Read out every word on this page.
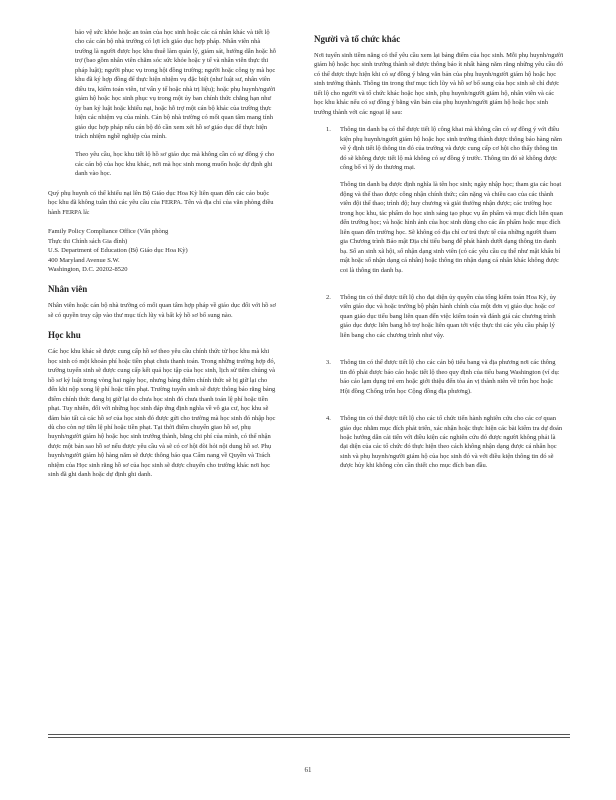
bảo vệ sức khỏe hoặc an toàn của học sinh hoặc các cá nhân khác và tiết lộ cho các cán bộ nhà trường có lợi ích giáo dục hợp pháp. Nhân viên nhà trường là người được học khu thuê làm quản lý, giám sát, hướng dẫn hoặc hỗ trợ (bao gồm nhân viên chăm sóc sức khỏe hoặc y tế và nhân viên thực thi pháp luật); người phục vụ trong hội đồng trường; người hoặc công ty mà học khu đã ký hợp đồng để thực hiện nhiệm vụ đặc biệt (như luật sư, nhân viên điều tra, kiểm toán viên, tư vấn y tế hoặc nhà trị liệu); hoặc phụ huynh/người giám hộ hoặc học sinh phục vụ trong một ủy ban chính thức chẳng hạn như ủy ban kỷ luật hoặc khiếu nại, hoặc hỗ trợ một cán bộ khác của trường thực hiện các nhiệm vụ của mình. Cán bộ nhà trường có mối quan tâm mang tính giáo dục hợp pháp nếu cán bộ đó cần xem xét hồ sơ giáo dục để thực hiện trách nhiệm nghề nghiệp của mình.

Theo yêu cầu, học khu tiết lộ hồ sơ giáo dục mà không cần có sự đồng ý cho các cán bộ của học khu khác, nơi mà học sinh mong muốn hoặc dự định ghi danh vào học.

Quý phụ huynh có thể khiếu nại lên Bộ Giáo dục Hoa Kỳ liên quan đến các cáo buộc học khu đã không tuân thủ các yêu cầu của FERPA. Tên và địa chỉ của văn phòng điều hành FERPA là:

Family Policy Compliance Office (Văn phòng

Thực thi Chính sách Gia đình)

U.S. Department of Education (Bộ Giáo dục Hoa Kỳ)

400 Maryland Avenue S.W.

Washington, D.C. 20202-8520

Nhân viên

Nhân viên hoặc cán bộ nhà trường có mối quan tâm hợp pháp về giáo dục đối với hồ sơ sẽ có quyền truy cập vào thư mục tích lũy và bất kỳ hồ sơ bổ sung nào.

Học khu

Các học khu khác sẽ được cung cấp hồ sơ theo yêu cầu chính thức từ học khu mà khi học sinh có một khoản phí hoặc tiền phạt chưa thanh toán. Trong những trường hợp đó, trường tuyển sinh sẽ được cung cấp kết quả học tập của học sinh, lịch sử tiêm chủng và hồ sơ kỷ luật trong vòng hai ngày học, nhưng bảng điểm chính thức sẽ bị giữ lại cho đến khi nộp xong lệ phí hoặc tiền phạt. Trường tuyển sinh sẽ được thông báo rằng bảng điểm chính thức đang bị giữ lại do chưa học sinh đó chưa thanh toán lệ phí hoặc tiền phạt. Tuy nhiên, đối với những học sinh đáp ứng định nghĩa về vô gia cư, học khu sẽ đảm bảo tất cả các hồ sơ của học sinh đó được gửi cho trường mà học sinh đó nhập học dù cho còn nợ tiền lệ phí hoặc tiền phạt. Tại thời điểm chuyển giao hồ sơ, phụ huynh/người giám hộ hoặc học sinh trưởng thành, bằng chi phí của mình, có thể nhận được một bản sao hồ sơ nếu được yêu cầu và sẽ có cơ hội đòi hỏi nội dung hồ sơ. Phụ huynh/người giám hộ hàng năm sẽ được thông báo qua Cẩm nang về Quyền và Trách nhiệm của Học sinh rằng hồ sơ của học sinh sẽ được chuyển cho trường khác nơi học sinh đã ghi danh hoặc dự định ghi danh.

Người và tổ chức khác

Nơi tuyển sinh tiềm năng có thể yêu cầu xem lại bảng điểm của học sinh. Mỗi phụ huynh/người giám hộ hoặc học sinh trưởng thành sẽ được thông báo ít nhất hàng năm rằng những yêu cầu đó có thể được thực hiện khi có sự đồng ý bằng văn bản của phụ huynh/người giám hộ hoặc học sinh trưởng thành. Thông tin trong thư mục tích lũy và hồ sơ bổ sung của học sinh sẽ chỉ được tiết lộ cho người và tổ chức khác hoặc học sinh, phụ huynh/người giám hộ, nhân viên và các học khu khác nếu có sự đồng ý bằng văn bản của phụ huynh/người giám hộ hoặc học sinh trưởng thành với các ngoại lệ sau:

1.	Thông tin danh bạ có thể được tiết lộ công khai mà không cần có sự đồng ý với điều kiện phụ huynh/người giám hộ hoặc học sinh trưởng thành được thông báo hàng năm về ý định tiết lộ thông tin đó của trường và được cung cấp cơ hội cho thấy thông tin đó sẽ không được tiết lộ mà không có sự đồng ý trước. Thông tin đó sẽ không được công bố vì lý do thương mại.

Thông tin danh bạ được định nghĩa là tên học sinh; ngày nhập học; tham gia các hoạt động và thể thao được công nhận chính thức; cân nặng và chiều cao của các thành viên đội thể thao; trình độ; huy chương và giải thưởng nhận được; các trường học trong học khu, tác phẩm do học sinh sáng tạo phục vụ ấn phẩm và mục đích liên quan đến trường học; và hoặc hình ảnh của học sinh dùng cho các ấn phẩm hoặc mục đích liên quan đến trường học. Sẽ không có địa chỉ cư trú thực tế của những người tham gia Chương trình Bảo mật Địa chỉ tiểu bang để phát hành dưới dạng thông tin danh bạ. Số an sinh xã hội, số nhận dạng sinh viên (có các yêu cầu cụ thể như mật khẩu bí mật hoặc số nhận dạng cá nhân) hoặc thông tin nhận dạng cá nhân khác không được coi là thông tin danh bạ.

2.	Thông tin có thể được tiết lộ cho đại diện ủy quyền của tổng kiểm toán Hoa Kỳ, ủy viên giáo dục và hoặc trường bộ phận hành chính của một đơn vị giáo dục hoặc cơ quan giáo dục tiểu bang liên quan đến việc kiểm toán và đánh giá các chương trình giáo dục được liên bang hỗ trợ hoặc liên quan tới việc thực thi các yêu cầu pháp lý liên bang cho các chương trình như vậy.

3.	Thông tin có thể được tiết lộ cho các cán bộ tiểu bang và địa phương nơi các thông tin đó phải được báo cáo hoặc tiết lộ theo quy định của tiểu bang Washington (ví dụ: báo cáo lạm dụng trẻ em hoặc giới thiệu đến tòa án vị thành niên về trốn học hoặc Hội đồng Chống trốn học Cộng đồng địa phương).

4.	Thông tin có thể được tiết lộ cho các tổ chức tiến hành nghiên cứu cho các cơ quan giáo dục nhằm mục đích phát triển, xác nhận hoặc thực hiện các bài kiểm tra dự đoán hoặc hướng dẫn cải tiến với điều kiện các nghiên cứu đó được người không phải là đại diện của các tổ chức đó thực hiện theo cách không nhận dạng được cá nhân học sinh và phụ huynh/người giám hộ của học sinh đó và với điều kiện thông tin đó sẽ được hủy khi không còn cần thiết cho mục đích ban đầu.

61
